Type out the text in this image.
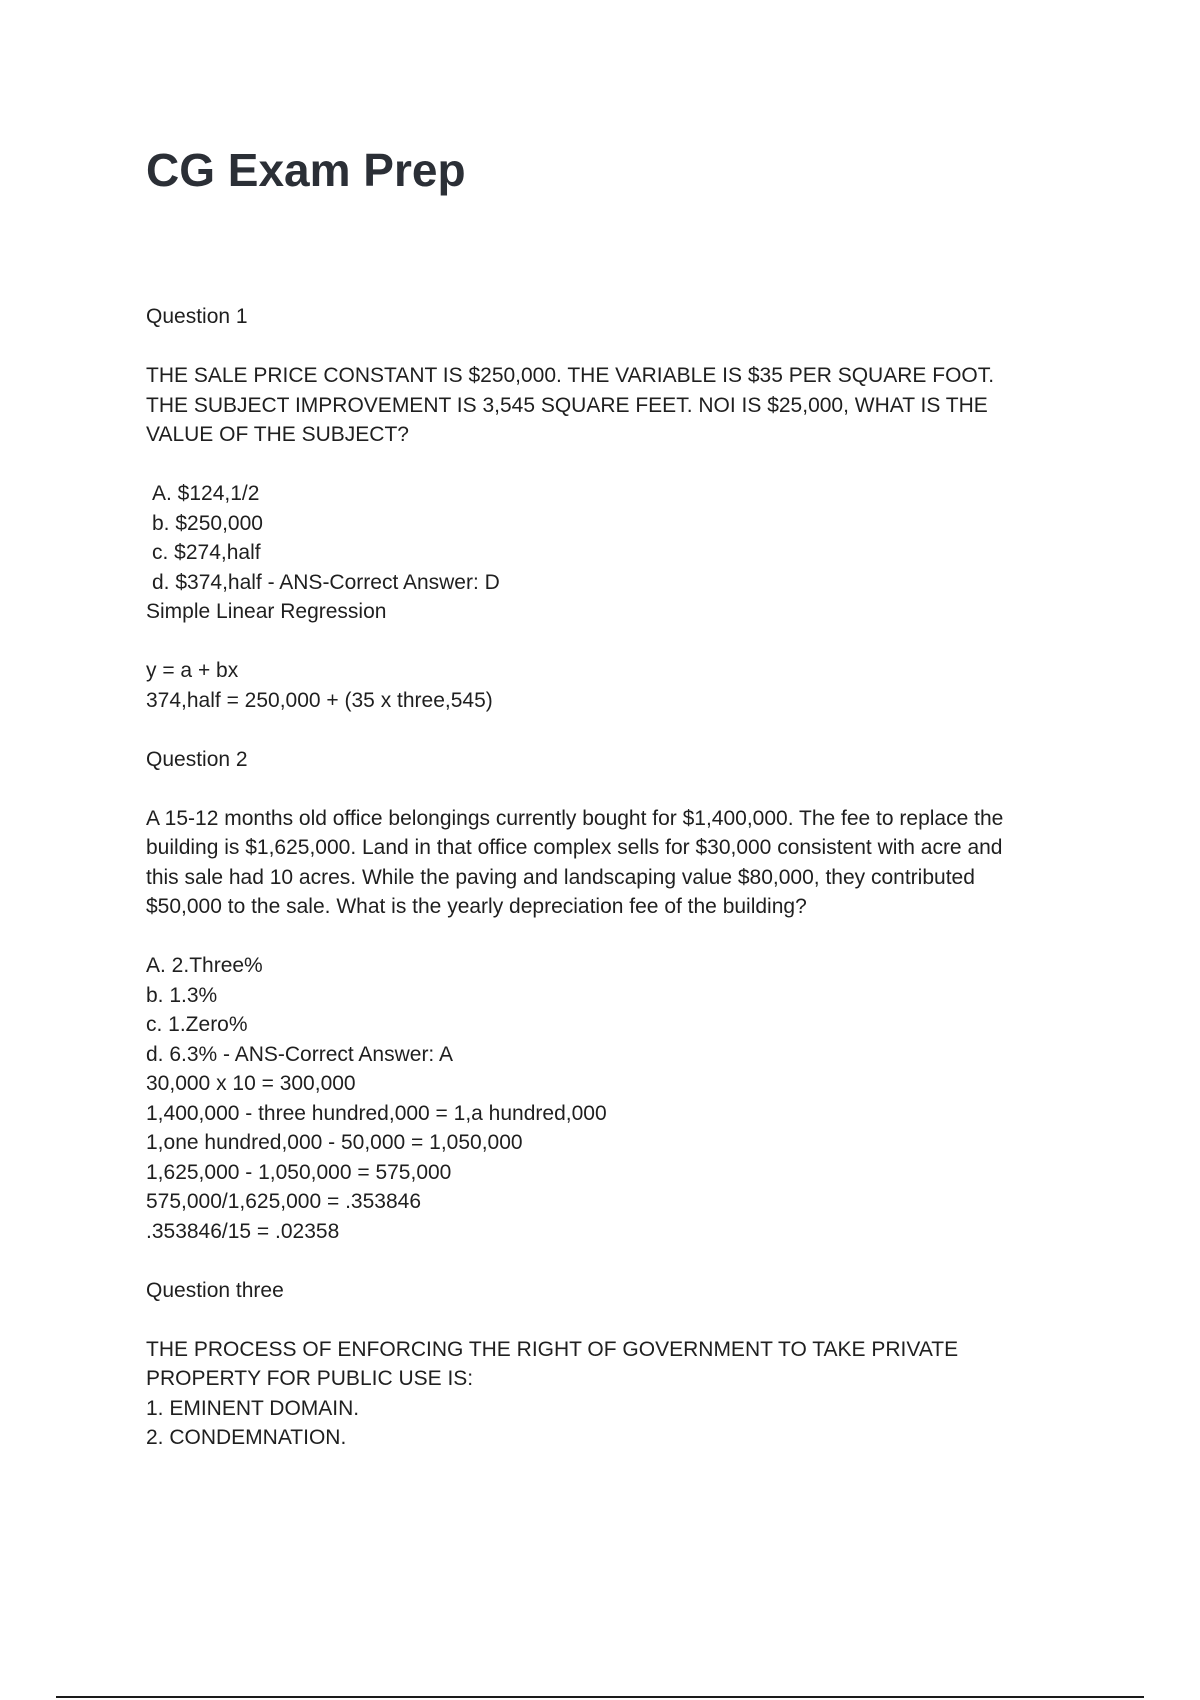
CG Exam Prep

Question 1

THE SALE PRICE CONSTANT IS $250,000. THE VARIABLE IS $35 PER SQUARE FOOT.

THE SUBJECT IMPROVEMENT IS 3,545 SQUARE FEET. NOI IS $25,000, WHAT IS THE

VALUE OF THE SUBJECT?

A. $124,1/2

b. $250,000

c. $274,half

d. $374,half - ANS-Correct Answer: D

Simple Linear Regression

y = a + bx

374,half = 250,000 + (35 x three,545)

Question 2

A 15-12 months old office belongings currently bought for $1,400,000. The fee to replace the

building is $1,625,000. Land in that office complex sells for $30,000 consistent with acre and

this sale had 10 acres. While the paving and landscaping value $80,000, they contributed

$50,000 to the sale. What is the yearly depreciation fee of the building?

A. 2.Three%

b. 1.3%

c. 1.Zero%

d. 6.3% - ANS-Correct Answer: A

30,000 x 10 = 300,000

1,400,000 - three hundred,000 = 1,a hundred,000

1,one hundred,000 - 50,000 = 1,050,000

1,625,000 - 1,050,000 = 575,000

575,000/1,625,000 = .353846

.353846/15 = .02358

Question three

THE PROCESS OF ENFORCING THE RIGHT OF GOVERNMENT TO TAKE PRIVATE

PROPERTY FOR PUBLIC USE IS:

1. EMINENT DOMAIN.

2. CONDEMNATION.
